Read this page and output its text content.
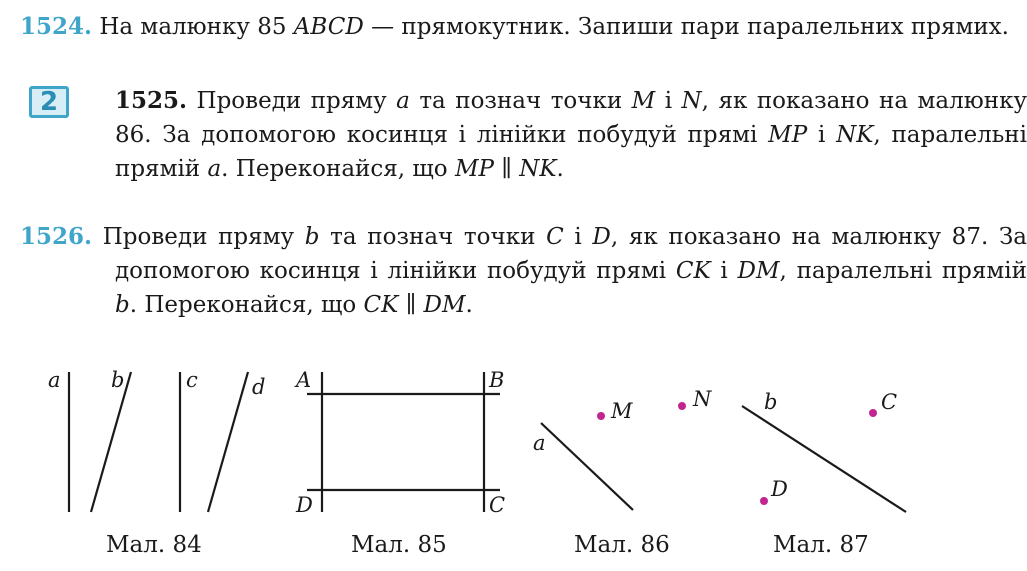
1524. На малюнку 85 ABCD — прямокутник. Запиши пари паралельних прямих.
2	1525. Проведи пряму a та познач точки M і N, як показано на малюнку 86. За допомогою косинця і лінійки побудуй прямі MP і NK, паралельні прямій a. Переконайся, що MP ∥ NK.
1526. Проведи пряму b та познач точки C і D, як показано на малюнку 87. За допомогою косинця і лінійки побудуй прямі CK і DM, паралельні прямій b. Переконайся, що CK ∥ DM.
a b	c	d A	B
C
D
a
M	N	b	C
D
Мал. 84	Мал. 85	Мал. 86	Мал. 87
